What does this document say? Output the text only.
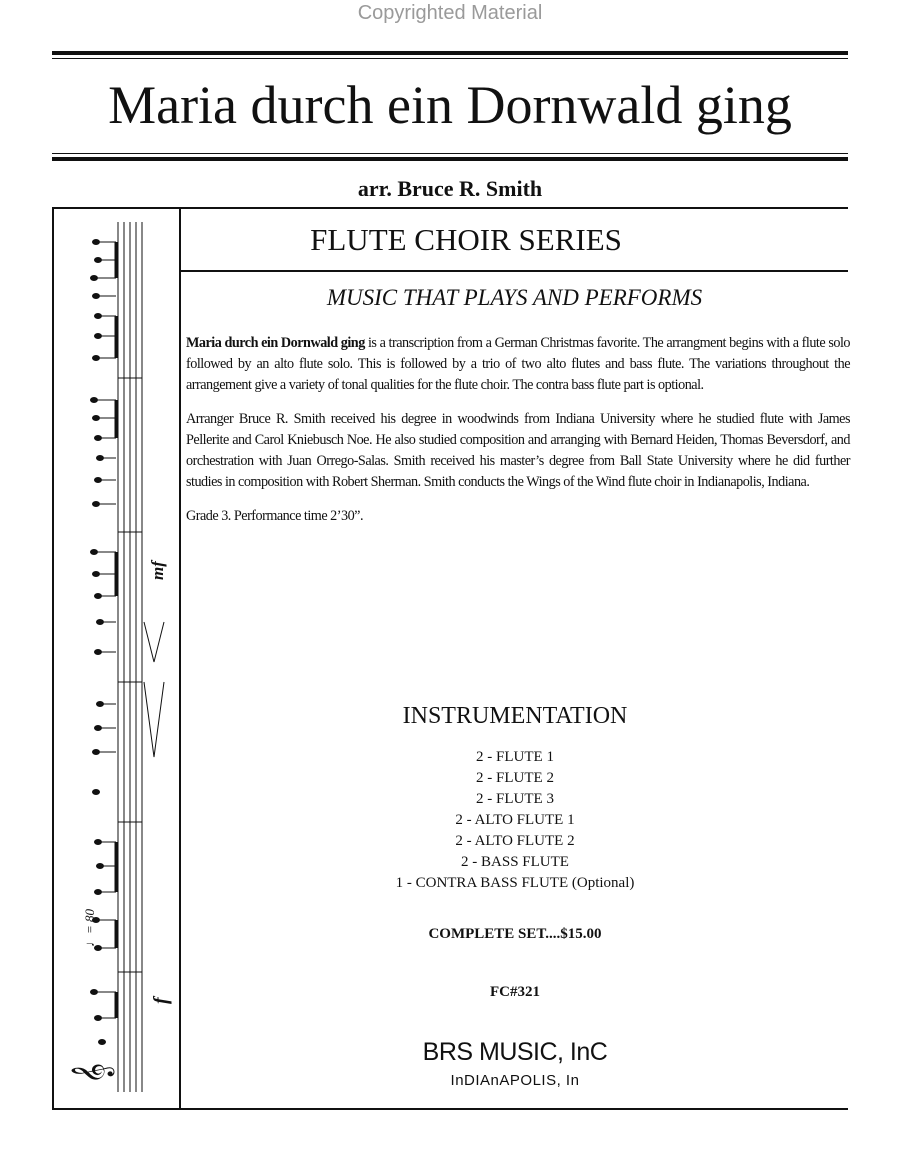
Copyrighted Material
Maria durch ein Dornwald ging
arr. Bruce R. Smith
𝄞
♩= 80
f
mf
FLUTE CHOIR SERIES
MUSIC THAT PLAYS AND PERFORMS

Maria durch ein Dornwald ging is a transcription from a German Christmas favorite. The arrangment begins with a flute solo followed by an alto flute solo. This is followed by a trio of two alto flutes and bass flute. The variations throughout the arrangement give a variety of tonal qualities for the flute choir. The contra bass flute part is optional.

Arranger Bruce R. Smith received his degree in woodwinds from Indiana University where he studied flute with James Pellerite and Carol Kniebusch Noe. He also studied composition and arranging with Bernard Heiden, Thomas Beversdorf, and orchestration with Juan Orrego-Salas. Smith received his master’s degree from Ball State University where he did further studies in composition with Robert Sherman. Smith conducts the Wings of the Wind flute choir in Indianapolis, Indiana.

Grade 3. Performance time 2’30”.

INSTRUMENTATION
2 - FLUTE 1
2 - FLUTE 2
2 - FLUTE 3
2 - ALTO FLUTE 1
2 - ALTO FLUTE 2
2 - BASS FLUTE
1 - CONTRA BASS FLUTE (Optional)
COMPLETE SET....$15.00
FC#321
BRS MUSIC, InC
InDIAnAPOLIS, In
